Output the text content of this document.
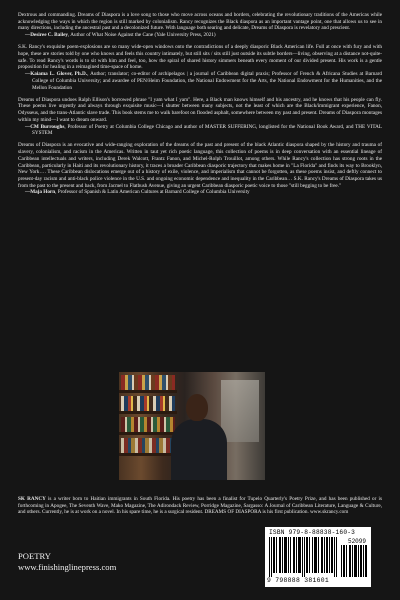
Dextrous and commanding. Dreams of Diaspora is a love song to those who move across oceans and borders, celebrating the revolutionary traditions of the Americas while acknowledging the ways in which the region is still marked by colonialism. Rancy recognizes the Black diaspora as an important vantage point, one that allows us to see in many directions, including the ancestral past and a decolonized future. With language both searing and delicate, Dreams of Diaspora is revelatory and prescient.

—Desiree C. Bailey, Author of What Noise Against the Cane (Yale University Press, 2021)

S.K. Rancy's exquisite poem-explosions are so many wide-open windows onto the contradictions of a deeply diasporic Black American life. Full at once with fury and with hope, these are stories told by one who knows and feels this country intimately, but still sits / sits still just outside its subtle borders—living, observing at a distance not-quite-safe. To read Rancy's words is to sit with him and feel, too, how the spiral of shared history simmers beneath every moment of our divided present. His work is a gentle proposition for healing in a reimagined time-space of home.

—Kaiama L. Glover, Ph.D., Author; translator; co-editor of archipelagos | a journal of Caribbean digital praxis; Professor of French & Africana Studies at Barnard College of Columbia University; and awardee of PEN/Heim Foundation, the National Endowment for the Arts, the National Endowment for the Humanities, and the Mellon Foundation

Dreams of Diaspora undoes Ralph Ellison's borrowed phrase "I yam what I yam". Here, a Black man knows himself and his ancestry, and he knows that his people can fly. These poems live urgently and always through exquisite music—I shutter between many subjects, not the least of which are the Black/immigrant experience, Fanon, Odysseus, and the trans-Atlantic slave trade. This book stems me to walk barefoot on flooded asphalt, somewhere between my past and present. Dreams of Diaspora montages within my mind—I want to dream onward.

—CM Burroughs, Professor of Poetry at Columbia College Chicago and author of MASTER SUFFERING, longlisted for the National Book Award, and THE VITAL SYSTEM

Dreams of Diaspora is an evocative and wide-ranging exploration of the dreams of the past and present of the black Atlantic diaspora shaped by the history and trauma of slavery, colonialism, and racism in the Americas. Written in taut yet rich poetic language, this collection of poems is in deep conversation with an essential lineage of Caribbean intellectuals and writers, including Derek Walcott, Frantz Fanon, and Michel-Rolph Trouillot, among others. While Rancy's collection has strong roots in the Caribbean, particularly in Haiti and its revolutionary history, it traces a broader Caribbean diasporic trajectory that makes home in "La Florida" and finds its way to Brooklyn, New York…. These Caribbean dislocations emerge out of a history of exile, violence, and imperialism that cannot be forgotten, as these poems insist, and deftly connect to present-day racism and anti-black police violence in the U.S. and ongoing economic dependence and inequality in the Caribbean… S.K. Rancy's Dreams of Diaspora takes us from the past to the present and back, from Jacmel to Flatbush Avenue, giving an urgent Caribbean diasporic poetic voice to those "still begging to be free."

—Maja Horn, Professor of Spanish & Latin American Cultures at Barnard College of Columbia University

SK RANCY is a writer born to Haitian immigrants in South Florida. His poetry has been a finalist for Tupelo Quarterly's Poetry Prize, and has been published or is forthcoming in Apogee, The Seventh Wave, Mako Magazine, The Adirondack Review, Porridge Magazine, Sargasso: A Journal of Caribbean Literature, Language & Culture, and others. Currently, he is at work on a novel. In his spare time, he is a surgical resident. DREAMS OF DIASPORA is his first publication. www.skrancy.com

POETRY
www.finishinglinepress.com
ISBN 979-8-88838-160-3
52099
9 798888 381601
